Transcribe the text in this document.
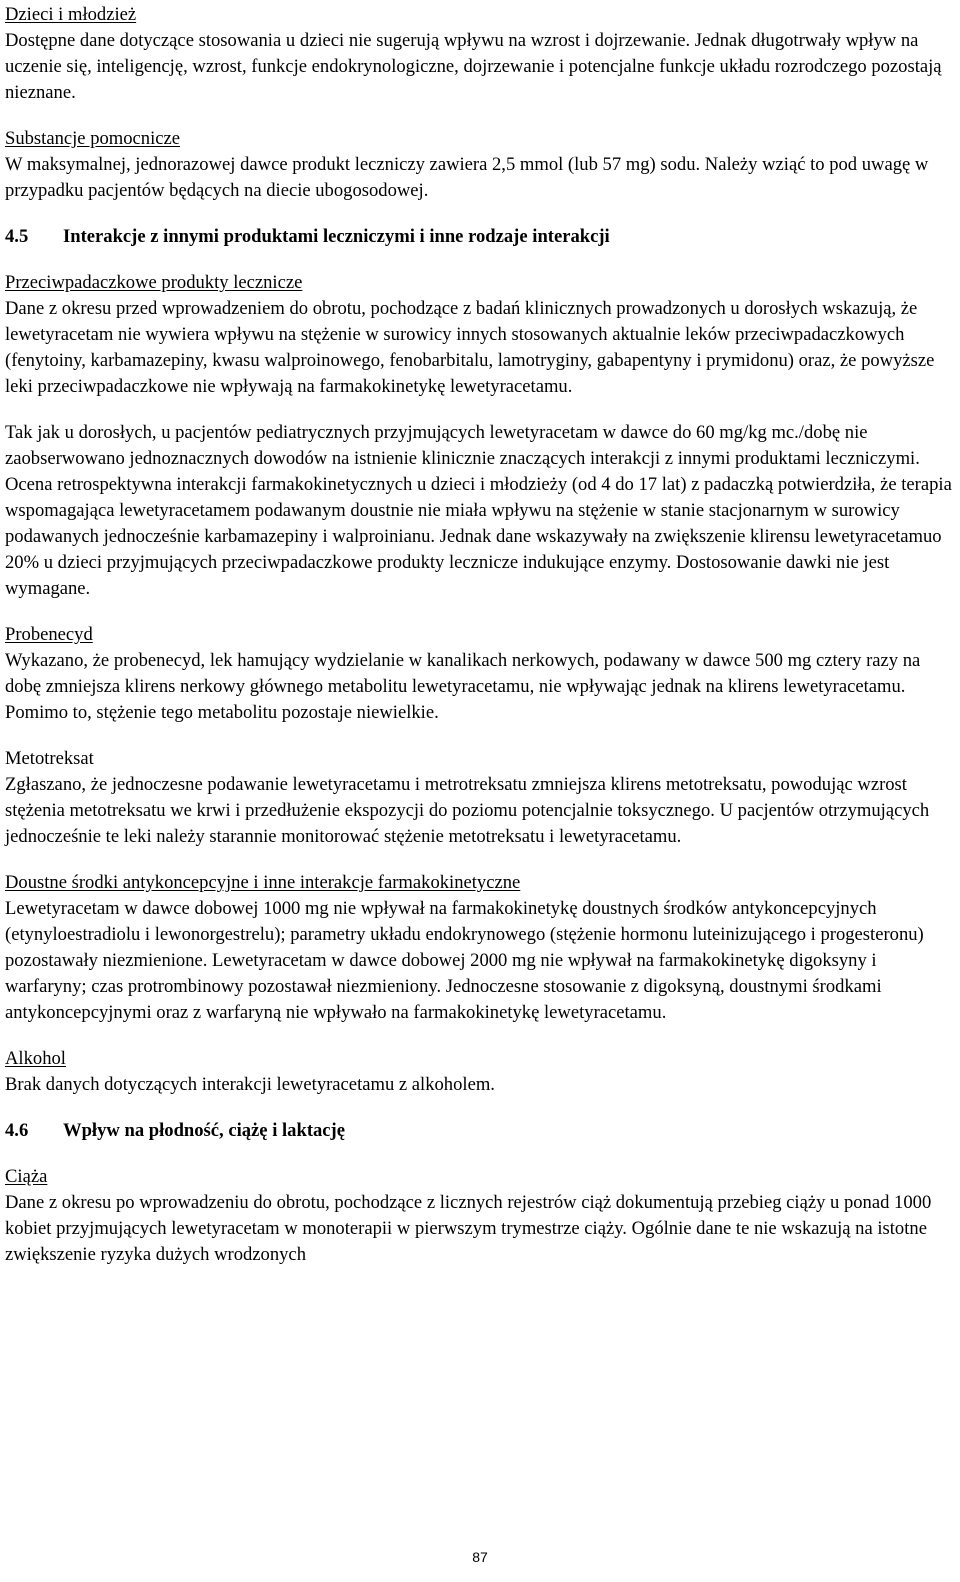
Dzieci i młodzież

Dostępne dane dotyczące stosowania u dzieci nie sugerują wpływu na wzrost i dojrzewanie. Jednak długotrwały wpływ na uczenie się, inteligencję, wzrost, funkcje endokrynologiczne, dojrzewanie i potencjalne funkcje układu rozrodczego pozostają nieznane.

Substancje pomocnicze

W maksymalnej, jednorazowej dawce produkt leczniczy zawiera 2,5 mmol (lub 57 mg) sodu. Należy wziąć to pod uwagę w przypadku pacjentów będących na diecie ubogosodowej.

4.5	Interakcje z innymi produktami leczniczymi i inne rodzaje interakcji

Przeciwpadaczkowe produkty lecznicze

Dane z okresu przed wprowadzeniem do obrotu, pochodzące z badań klinicznych prowadzonych u dorosłych wskazują, że lewetyracetam nie wywiera wpływu na stężenie w surowicy innych stosowanych aktualnie leków przeciwpadaczkowych (fenytoiny, karbamazepiny, kwasu walproinowego, fenobarbitalu, lamotryginy, gabapentyny i prymidonu) oraz, że powyższe leki przeciwpadaczkowe nie wpływają na farmakokinetykę lewetyracetamu.

Tak jak u dorosłych, u pacjentów pediatrycznych przyjmujących lewetyracetam w dawce do 60 mg/kg mc./dobę nie zaobserwowano jednoznacznych dowodów na istnienie klinicznie znaczących interakcji z innymi produktami leczniczymi.

Ocena retrospektywna interakcji farmakokinetycznych u dzieci i młodzieży (od 4 do 17 lat) z padaczką potwierdziła, że terapia wspomagająca lewetyracetamem podawanym doustnie nie miała wpływu na stężenie w stanie stacjonarnym w surowicy podawanych jednocześnie karbamazepiny i walproinianu. Jednak dane wskazywały na zwiększenie klirensu lewetyracetamuo 20% u dzieci przyjmujących przeciwpadaczkowe produkty lecznicze indukujące enzymy. Dostosowanie dawki nie jest wymagane.

Probenecyd

Wykazano, że probenecyd, lek hamujący wydzielanie w kanalikach nerkowych, podawany w dawce 500 mg cztery razy na dobę zmniejsza klirens nerkowy głównego metabolitu lewetyracetamu, nie wpływając jednak na klirens lewetyracetamu. Pomimo to, stężenie tego metabolitu pozostaje niewielkie.

Metotreksat

Zgłaszano, że jednoczesne podawanie lewetyracetamu i metrotreksatu zmniejsza klirens metotreksatu, powodując wzrost stężenia metotreksatu we krwi i przedłużenie ekspozycji do poziomu potencjalnie toksycznego. U pacjentów otrzymujących jednocześnie te leki należy starannie monitorować stężenie metotreksatu i lewetyracetamu.

Doustne środki antykoncepcyjne i inne interakcje farmakokinetyczne

Lewetyracetam w dawce dobowej 1000 mg nie wpływał na farmakokinetykę doustnych środków antykoncepcyjnych (etynyloestradiolu i lewonorgestrelu); parametry układu endokrynowego (stężenie hormonu luteinizującego i progesteronu) pozostawały niezmienione. Lewetyracetam w dawce dobowej 2000 mg nie wpływał na farmakokinetykę digoksyny i warfaryny; czas protrombinowy pozostawał niezmieniony. Jednoczesne stosowanie z digoksyną, doustnymi środkami antykoncepcyjnymi oraz z warfaryną nie wpływało na farmakokinetykę lewetyracetamu.

Alkohol

Brak danych dotyczących interakcji lewetyracetamu z alkoholem.

4.6	Wpływ na płodność, ciążę i laktację

Ciąża

Dane z okresu po wprowadzeniu do obrotu, pochodzące z licznych rejestrów ciąż dokumentują przebieg ciąży u ponad 1000 kobiet przyjmujących lewetyracetam w monoterapii w pierwszym trymestrze ciąży. Ogólnie dane te nie wskazują na istotne zwiększenie ryzyka dużych wrodzonych

87
